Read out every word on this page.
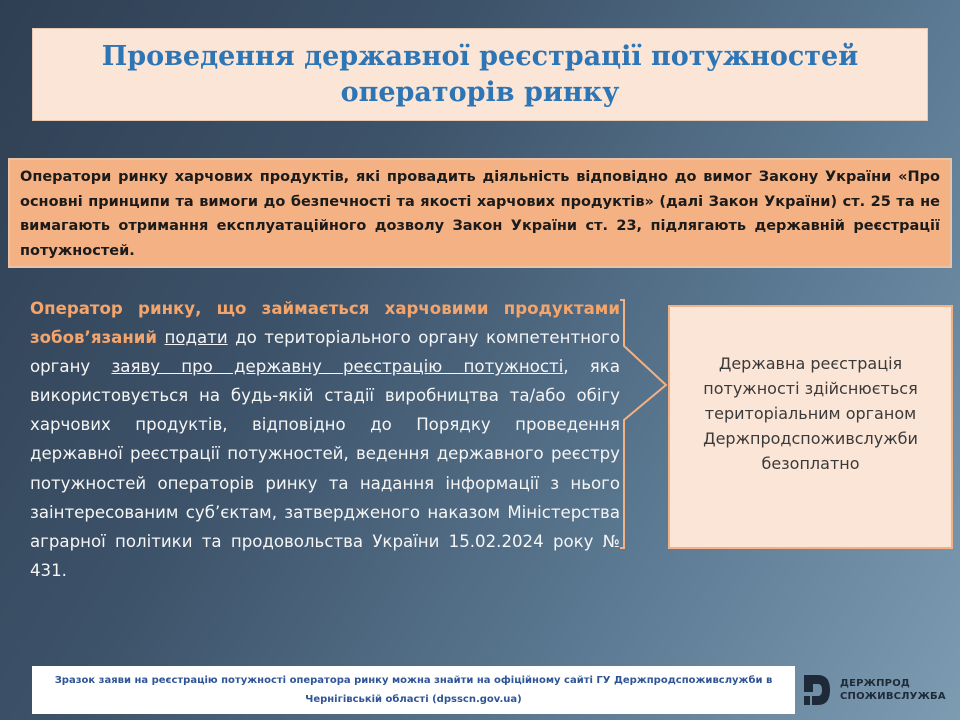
Проведення державної реєстрації потужностей
операторів ринку

Оператори ринку харчових продуктів, які провадить діяльність відповідно до вимог Закону України «Про основні принципи та вимоги до безпечності та якості харчових продуктів» (далі Закон України) ст. 25 та не вимагають отримання експлуатаційного дозволу Закон України ст. 23, підлягають державній реєстрації потужностей.

Оператор ринку, що займається харчовими продуктами зобов’язаний подати до територіального органу компетентного органу заяву про державну реєстрацію потужності, яка використовується на будь-якій стадії виробництва та/або обігу харчових продуктів, відповідно до Порядку проведення державної реєстрації потужностей, ведення державного реєстру потужностей операторів ринку та надання інформації з нього заінтересованим суб’єктам, затвердженого наказом Міністерства аграрної політики та продовольства України 15.02.2024 року № 431.
Державна реєстрація
потужності здійснюється
територіальним органом
Держпродспоживслужби
безоплатно
Зразок заяви на реєстрацію потужності оператора ринку можна знайти на офіційному сайті ГУ Держпродспоживслужби в
Чернігівській області (dpsscn.gov.ua)
ДЕРЖПРОД
СПОЖИВСЛУЖБА
